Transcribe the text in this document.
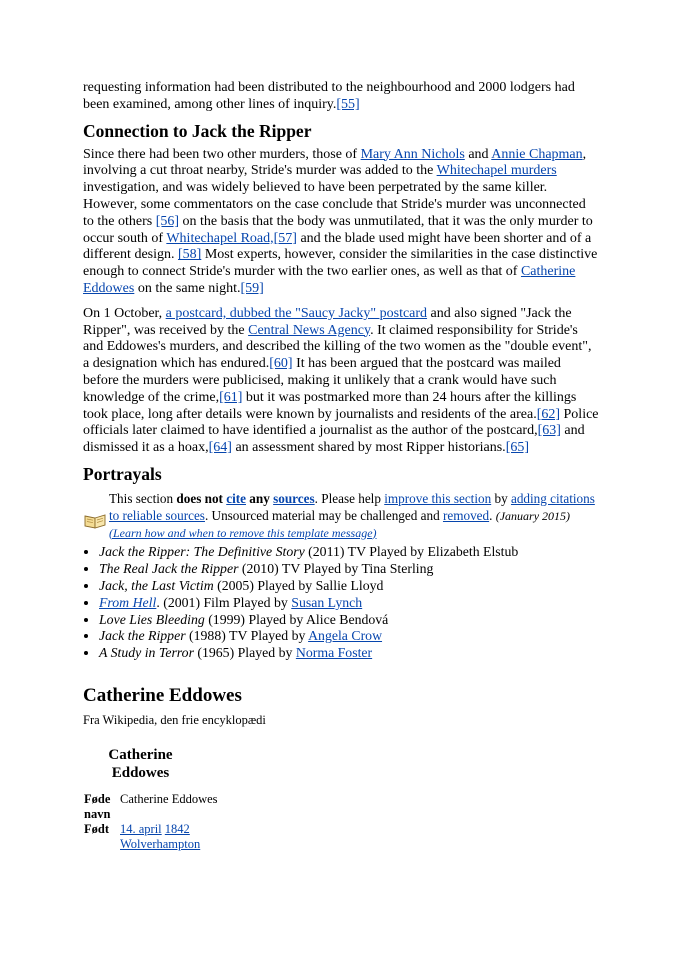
requesting information had been distributed to the neighbourhood and 2000 lodgers had been examined, among other lines of inquiry.[55]

Connection to Jack the Ripper

Since there had been two other murders, those of Mary Ann Nichols and Annie Chapman, involving a cut throat nearby, Stride's murder was added to the Whitechapel murders investigation, and was widely believed to have been perpetrated by the same killer. However, some commentators on the case conclude that Stride's murder was unconnected to the others [56] on the basis that the body was unmutilated, that it was the only murder to occur south of Whitechapel Road,[57] and the blade used might have been shorter and of a different design. [58] Most experts, however, consider the similarities in the case distinctive enough to connect Stride's murder with the two earlier ones, as well as that of Catherine Eddowes on the same night.[59]

On 1 October, a postcard, dubbed the "Saucy Jacky" postcard and also signed "Jack the Ripper", was received by the Central News Agency. It claimed responsibility for Stride's and Eddowes's murders, and described the killing of the two women as the "double event", a designation which has endured.[60] It has been argued that the postcard was mailed before the murders were publicised, making it unlikely that a crank would have such knowledge of the crime,[61] but it was postmarked more than 24 hours after the killings took place, long after details were known by journalists and residents of the area.[62] Police officials later claimed to have identified a journalist as the author of the postcard,[63] and dismissed it as a hoax,[64] an assessment shared by most Ripper historians.[65]

Portrayals
This section does not cite any sources. Please help improve this section by adding citations to reliable sources. Unsourced material may be challenged and removed. (January 2015) (Learn how and when to remove this template message)
• Jack the Ripper: The Definitive Story (2011) TV Played by Elizabeth Elstub
• The Real Jack the Ripper (2010) TV Played by Tina Sterling
• Jack, the Last Victim (2005) Played by Sallie Lloyd
• From Hell. (2001) Film Played by Susan Lynch
• Love Lies Bleeding (1999) Played by Alice Bendová
• Jack the Ripper (1988) TV Played by Angela Crow
• A Study in Terror (1965) Played by Norma Foster
Catherine Eddowes
Fra Wikipedia, den frie encyklopædi
Catherine Eddowes
Føde navn
Catherine Eddowes
Født 14. april 1842
Wolverhampton
